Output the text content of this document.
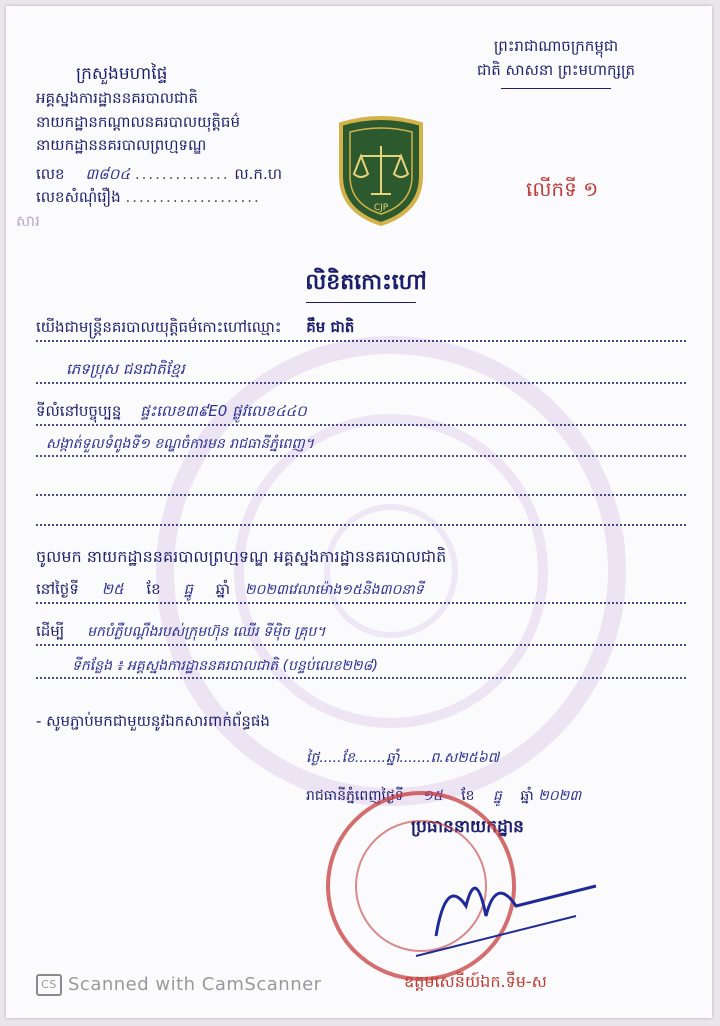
ក្រសួងមហាផ្ទៃ
អគ្គស្នងការដ្ឋាននគរបាលជាតិ
នាយកដ្ឋានកណ្តាលនគរបាលយុត្តិធម៌
នាយកដ្ឋាននគរបាលព្រហ្មទណ្ឌ
លេខ ៣៨០៤ .............. ល.ក.ហ
លេខសំណុំរឿង ....................
សារ
ព្រះរាជាណាចក្រកម្ពុជា
ជាតិ សាសនា ព្រះមហាក្សត្រ
CJP
លើកទី ១
លិខិតកោះហៅ
យើងជាមន្ត្រីនគរបាលយុត្តិធម៌កោះហៅឈ្មោះ គឹម ជាតិ
ភេទប្រុស ជនជាតិខ្មែរ
ទីលំនៅបច្ចុប្បន្ន ផ្ទះលេខ៣៩E0 ផ្លូវលេខ៤៤០
សង្កាត់ទួលទំពូងទី១ ខណ្ឌចំការមន រាជធានីភ្នំពេញ។
ចូលមក នាយកដ្ឋាននគរបាលព្រហ្មទណ្ឌ អគ្គស្នងការដ្ឋាននគរបាលជាតិ
នៅថ្ងៃទី ២៥ ខែ ធ្នូ ឆ្នាំ ២០២៣វេលាម៉ោង១៥និង៣០នាទី
ដើម្បី មកបំភ្លឺបណ្តឹងរបស់ក្រុមហ៊ុន ឈើរ ទីម៉ិច គ្រុប។
ទីកន្លែង ៖ អគ្គស្នងការដ្ឋាននគរបាលជាតិ (បន្ទប់លេខ២២៨)
- សូមភ្ជាប់មកជាមួយនូវឯកសារពាក់ព័ន្ធផង
ថ្ងៃ.....ខែ.......ឆ្នាំ.......ព.ស២៥៦៧
រាជធានីភ្នំពេញថ្ងៃទី ១៥ ខែ ធ្នូ ឆ្នាំ ២០២៣
ប្រធាននាយកដ្ឋាន
CS Scanned with CamScanner	ឧត្តមសេនីយ៍ឯក.ទឹម-ស
